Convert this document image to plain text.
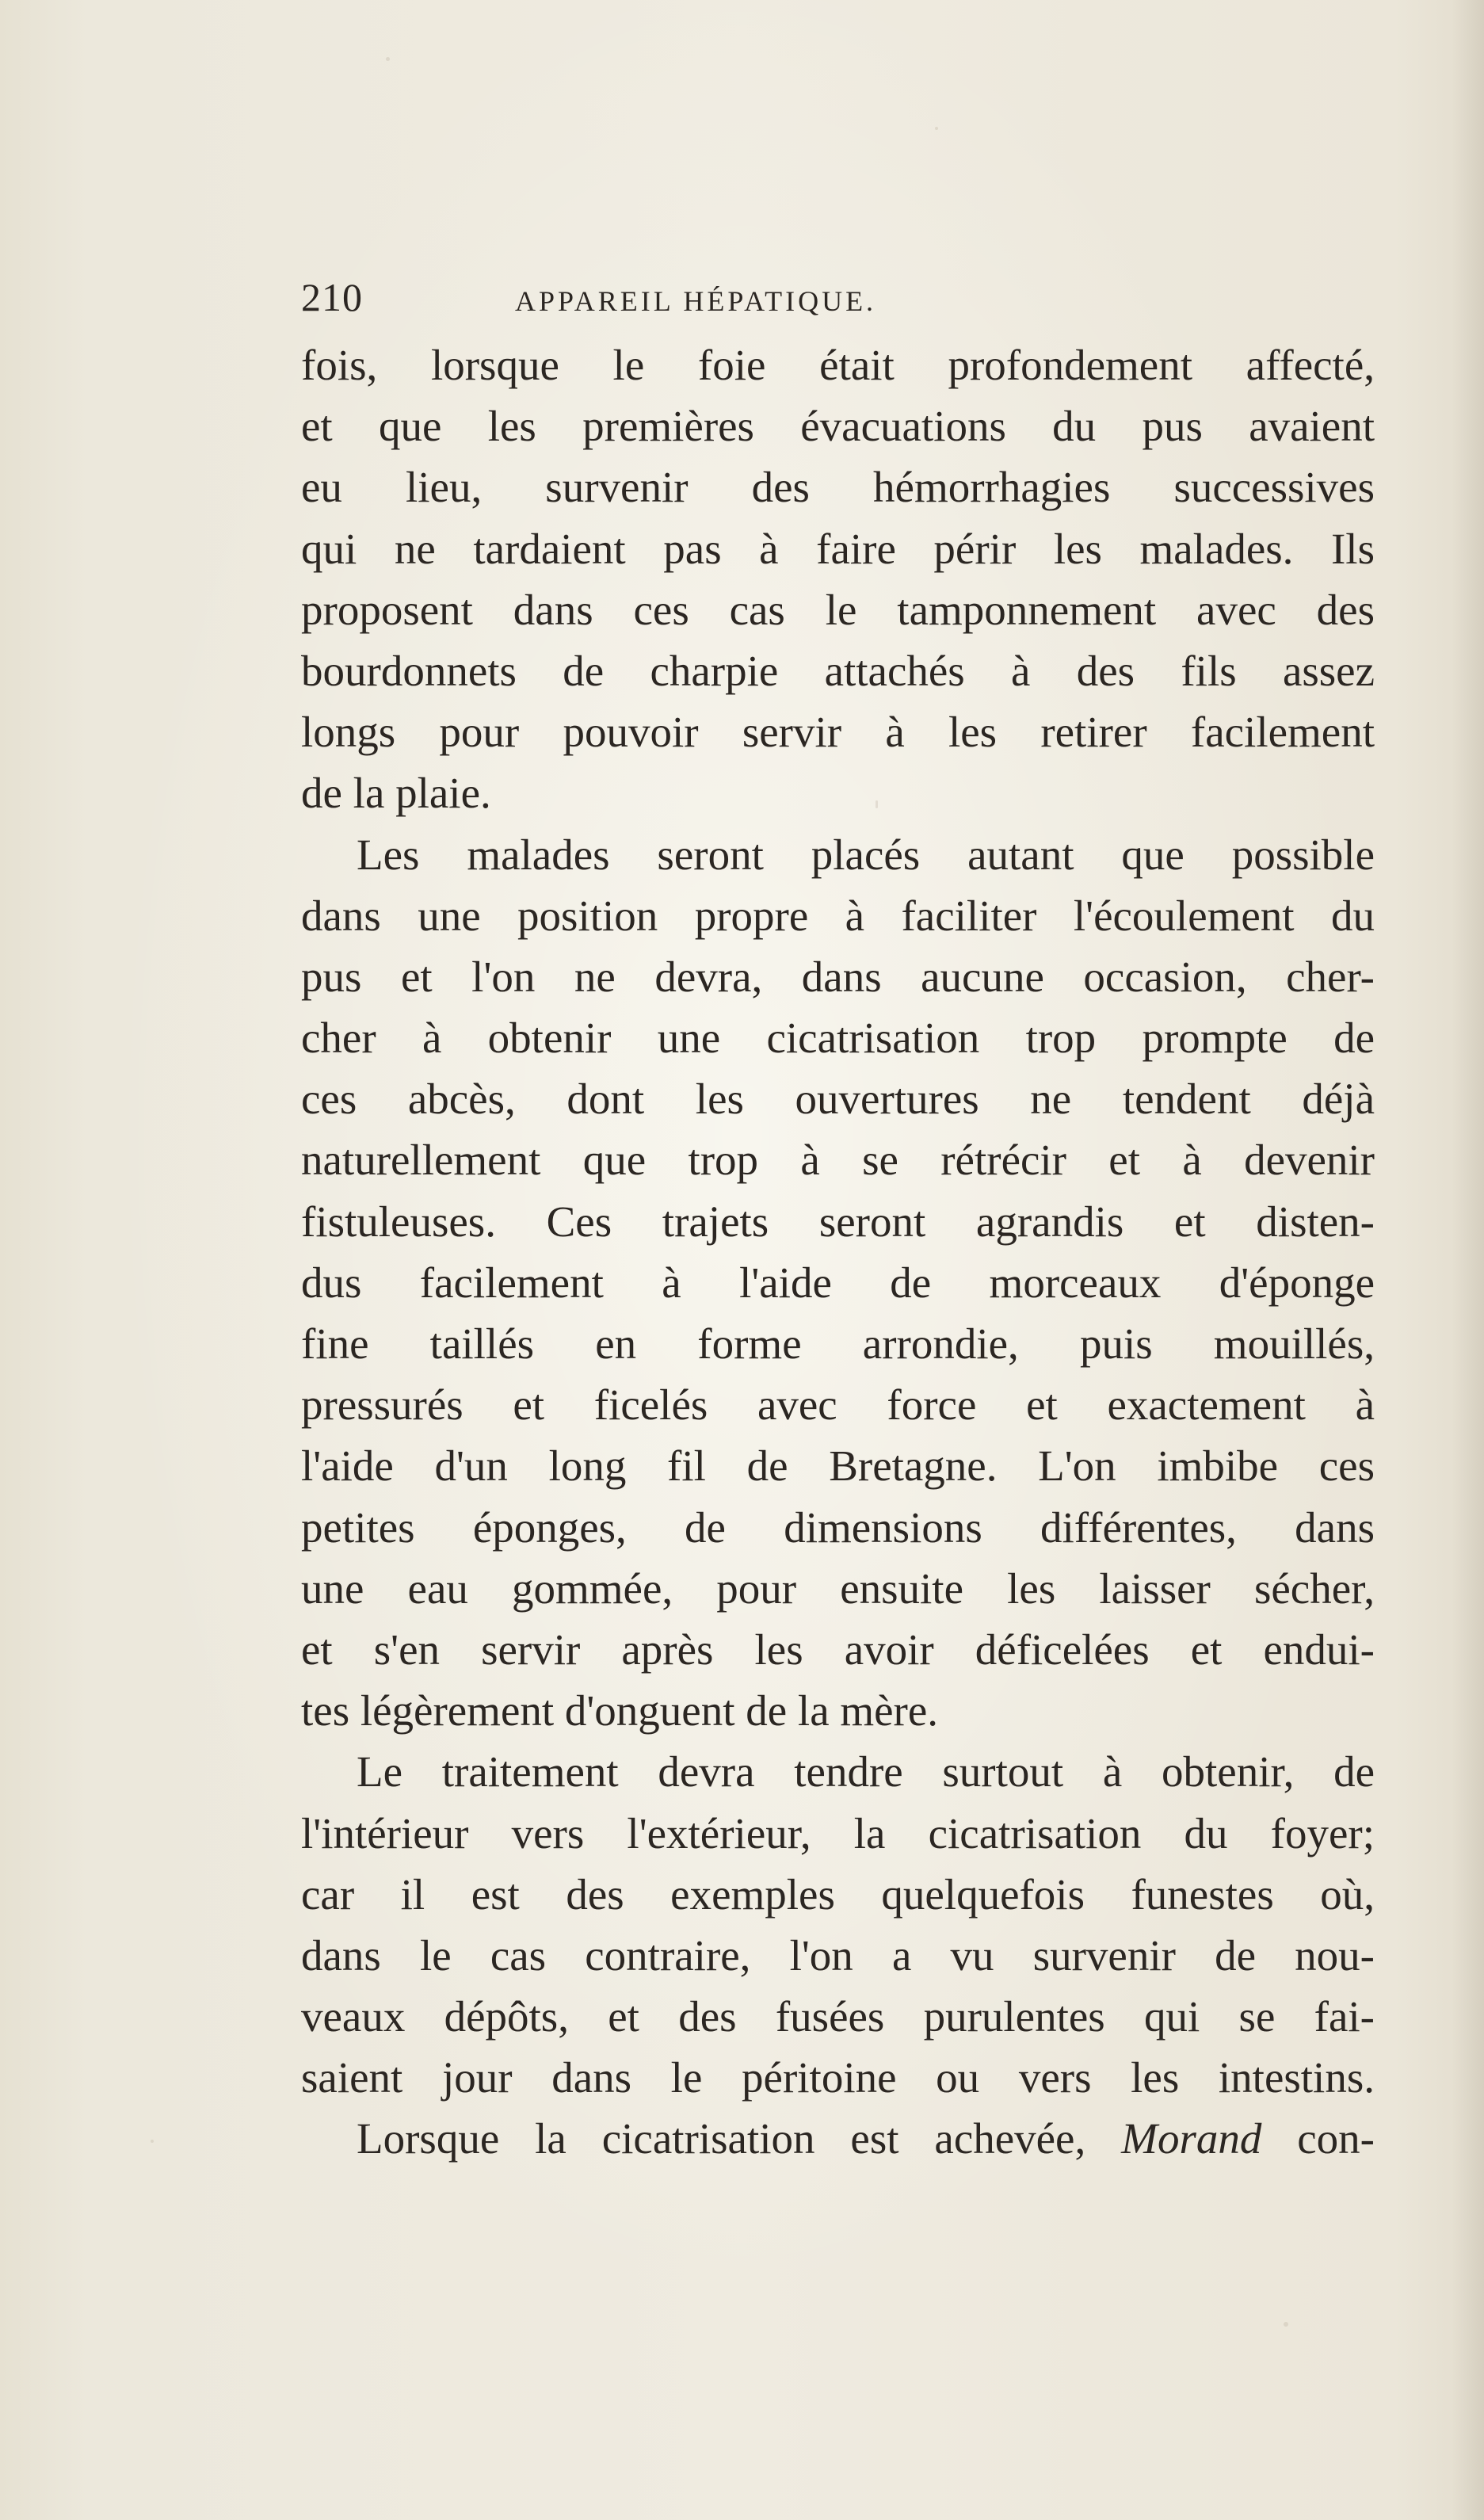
210	APPAREIL HÉPATIQUE.
fois, lorsque le foie était profondement affecté,
et que les premières évacuations du pus avaient
eu lieu, survenir des hémorrhagies successives
qui ne tardaient pas à faire périr les malades. Ils
proposent dans ces cas le tamponnement avec des
bourdonnets de charpie attachés à des fils assez
longs pour pouvoir servir à les retirer facilement
de la plaie.
Les malades seront placés autant que possible
dans une position propre à faciliter l'écoulement du
pus et l'on ne devra, dans aucune occasion, cher-
cher à obtenir une cicatrisation trop prompte de
ces abcès, dont les ouvertures ne tendent déjà
naturellement que trop à se rétrécir et à devenir
fistuleuses. Ces trajets seront agrandis et disten-
dus facilement à l'aide de morceaux d'éponge
fine taillés en forme arrondie, puis mouillés,
pressurés et ficelés avec force et exactement à
l'aide d'un long fil de Bretagne. L'on imbibe ces
petites éponges, de dimensions différentes, dans
une eau gommée, pour ensuite les laisser sécher,
et s'en servir après les avoir déficelées et endui-
tes légèrement d'onguent de la mère.
Le traitement devra tendre surtout à obtenir, de
l'intérieur vers l'extérieur, la cicatrisation du foyer;
car il est des exemples quelquefois funestes où,
dans le cas contraire, l'on a vu survenir de nou-
veaux dépôts, et des fusées purulentes qui se fai-
saient jour dans le péritoine ou vers les intestins.
Lorsque la cicatrisation est achevée, Morand con-
